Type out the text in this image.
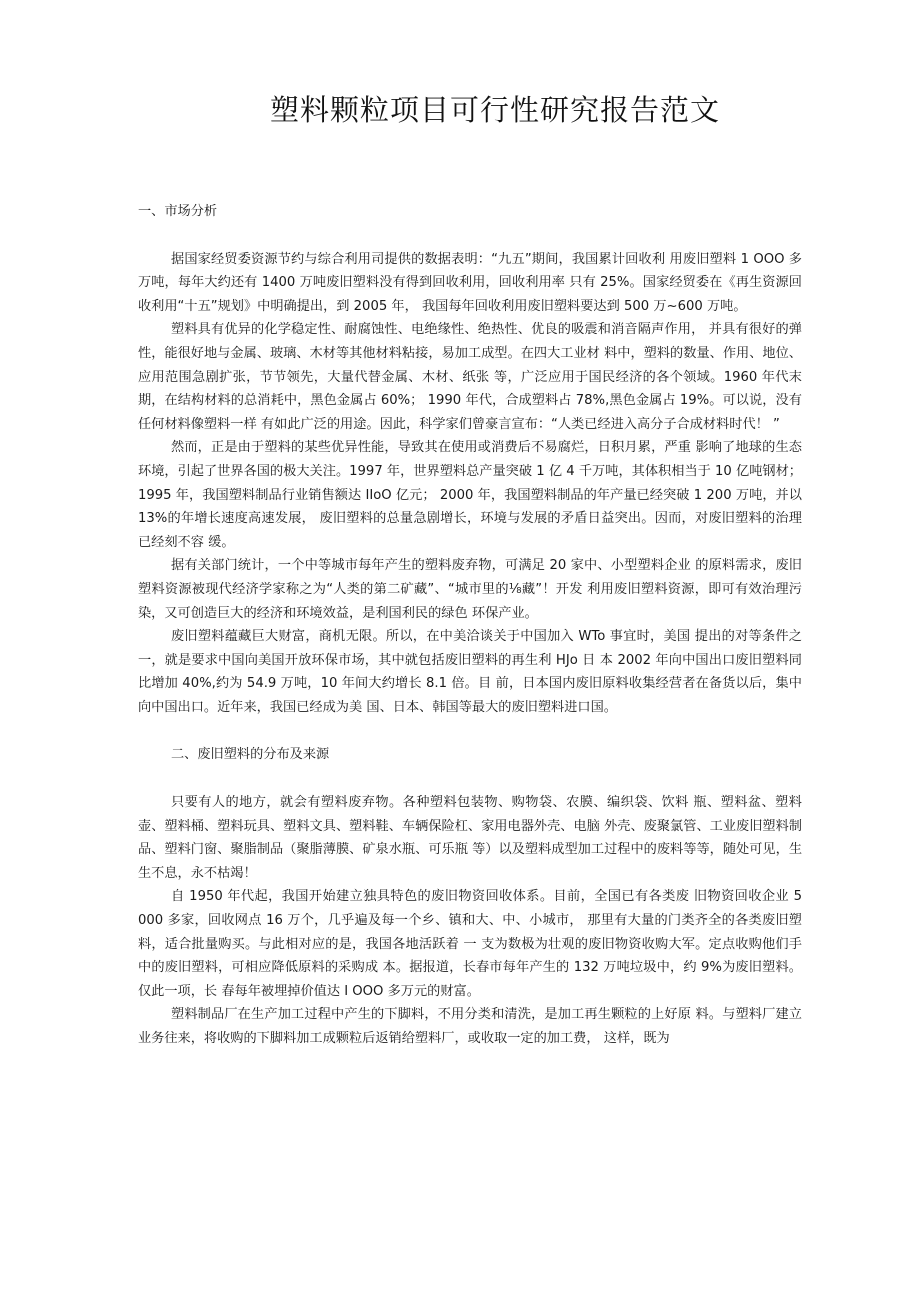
塑料颗粒项目可行性研究报告范文

一、市场分析

据国家经贸委资源节约与综合利用司提供的数据表明：“九五”期间，我国累计回收利 用废旧塑料 1 OOO 多万吨，每年大约还有 1400 万吨废旧塑料没有得到回收利用，回收利用率 只有 25%。国家经贸委在《再生资源回收利用“十五”规划》中明确提出，到 2005 年， 我国每年回收利用废旧塑料要达到 500 万~600 万吨。

塑料具有优异的化学稳定性、耐腐蚀性、电绝缘性、绝热性、优良的吸震和消音隔声作用， 并具有很好的弹性，能很好地与金属、玻璃、木材等其他材料粘接，易加工成型。在四大工业材 料中，塑料的数量、作用、地位、应用范围急剧扩张，节节领先，大量代替金属、木材、纸张 等，广泛应用于国民经济的各个领域。1960 年代末期，在结构材料的总消耗中，黑色金属占 60%； 1990 年代，合成塑料占 78%,黑色金属占 19%。可以说，没有任何材料像塑料一样 有如此广泛的用途。因此，科学家们曾豪言宣布：“人类已经进入高分子合成材料时代！ ”

然而，正是由于塑料的某些优异性能，导致其在使用或消费后不易腐烂，日积月累，严重 影响了地球的生态环境，引起了世界各国的极大关注。1997 年，世界塑料总产量突破 1 亿 4 千万吨，其体积相当于 10 亿吨钢材；1995 年，我国塑料制品行业销售额达 IIoO 亿元； 2000 年，我国塑料制品的年产量已经突破 1 200 万吨，并以 13%的年增长速度高速发展， 废旧塑料的总量急剧增长，环境与发展的矛盾日益突出。因而，对废旧塑料的治理已经刻不容 缓。

据有关部门统计，一个中等城市每年产生的塑料废弃物，可满足 20 家中、小型塑料企业 的原料需求，废旧塑料资源被现代经济学家称之为“人类的第二矿藏”、“城市里的⅛藏”！开发 利用废旧塑料资源，即可有效治理污染，又可创造巨大的经济和环境效益，是利国利民的绿色 环保产业。

废旧塑料蕴藏巨大财富，商机无限。所以，在中美洽谈关于中国加入 WTo 事宜时，美国 提出的对等条件之一，就是要求中国向美国开放环保市场，其中就包括废旧塑料的再生利 HJo 日 本 2002 年向中国出口废旧塑料同比增加 40%,约为 54.9 万吨，10 年间大约增长 8.1 倍。目 前，日本国内废旧原料收集经营者在备货以后，集中向中国出口。近年来，我国已经成为美 国、日本、韩国等最大的废旧塑料进口国。

二、废旧塑料的分布及来源

只要有人的地方，就会有塑料废弃物。各种塑料包装物、购物袋、农膜、编织袋、饮料 瓶、塑料盆、塑料壶、塑料桶、塑料玩具、塑料文具、塑料鞋、车辆保险杠、家用电器外壳、电脑 外壳、废聚氯管、工业废旧塑料制品、塑料门窗、聚脂制品（聚脂薄膜、矿泉水瓶、可乐瓶 等）以及塑料成型加工过程中的废料等等，随处可见，生生不息，永不枯竭！

自 1950 年代起，我国开始建立独具特色的废旧物资回收体系。目前，全国已有各类废 旧物资回收企业 5 000 多家，回收网点 16 万个，几乎遍及每一个乡、镇和大、中、小城市， 那里有大量的门类齐全的各类废旧塑料，适合批量购买。与此相对应的是，我国各地活跃着 一 支为数极为壮观的废旧物资收购大军。定点收购他们手中的废旧塑料，可相应降低原料的采购成 本。据报道，长春市每年产生的 132 万吨垃圾中，约 9%为废旧塑料。仅此一项，长 春每年被埋掉价值达 I OOO 多万元的财富。

塑料制品厂在生产加工过程中产生的下脚料，不用分类和清洗，是加工再生颗粒的上好原 料。与塑料厂建立业务往来，将收购的下脚料加工成颗粒后返销给塑料厂，或收取一定的加工费， 这样，既为
